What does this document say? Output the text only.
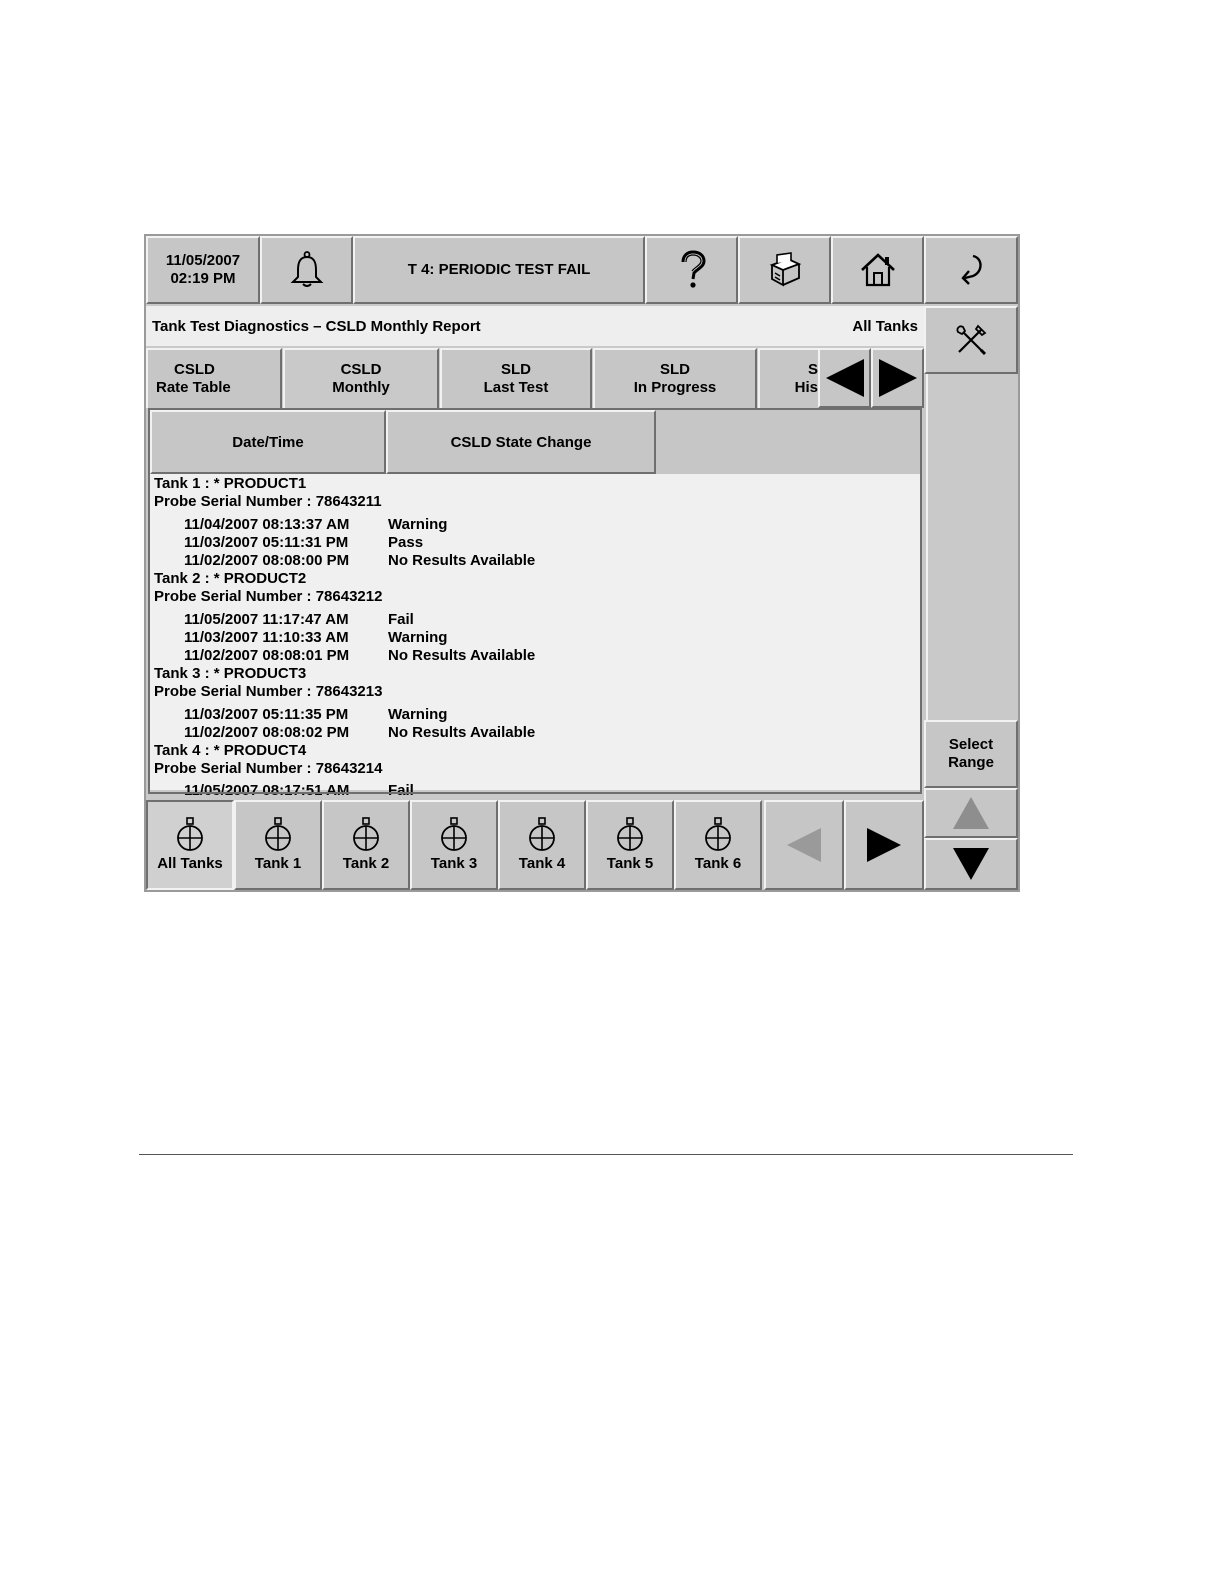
11/05/2007
02:19 PM
T 4: PERIODIC TEST FAIL
Tank Test Diagnostics – CSLD Monthly Report	All Tanks
CSLD
Rate Table
CSLD
Monthly
SLD
Last Test
SLD
In Progress
S
His
Date/Time	CSLD State Change
Tank 1 : * PRODUCT1
Probe Serial Number : 78643211
11/04/2007 08:13:37 AM	Warning
11/03/2007 05:11:31 PM	Pass
11/02/2007 08:08:00 PM	No Results Available
Tank 2 : * PRODUCT2
Probe Serial Number : 78643212
11/05/2007 11:17:47 AM	Fail
11/03/2007 11:10:33 AM	Warning
11/02/2007 08:08:01 PM	No Results Available
Tank 3 : * PRODUCT3
Probe Serial Number : 78643213
11/03/2007 05:11:35 PM	Warning
11/02/2007 08:08:02 PM	No Results Available
Tank 4 : * PRODUCT4
Probe Serial Number : 78643214
11/05/2007 08:17:51 AM	Fail
Select
Range
All Tanks Tank 1	Tank 2	Tank 3	Tank 4	Tank 5	Tank 6
